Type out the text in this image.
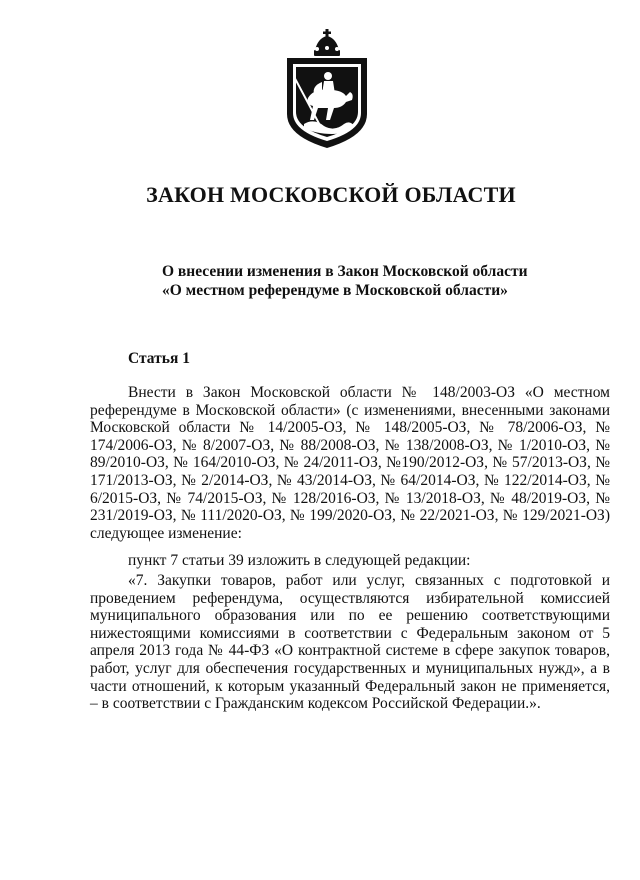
ЗАКОН МОСКОВСКОЙ ОБЛАСТИ
О внесении изменения в Закон Московской области
«О местном референдуме в Московской области»
Статья 1
Внести в Закон Московской области № 148/2003-ОЗ «О местном референдуме в Московской области» (с изменениями, внесенными законами Московской области № 14/2005-ОЗ, № 148/2005-ОЗ, № 78/2006-ОЗ, № 174/2006-ОЗ, № 8/2007-ОЗ, № 88/2008-ОЗ, № 138/2008-ОЗ, № 1/2010-ОЗ, № 89/2010-ОЗ, № 164/2010-ОЗ, № 24/2011-ОЗ, №190/2012-ОЗ, № 57/2013-ОЗ, № 171/2013-ОЗ, № 2/2014-ОЗ, № 43/2014-ОЗ, № 64/2014-ОЗ, № 122/2014-ОЗ, № 6/2015-ОЗ, № 74/2015-ОЗ, № 128/2016-ОЗ, № 13/2018-ОЗ, № 48/2019-ОЗ, № 231/2019-ОЗ, № 111/2020-ОЗ, № 199/2020-ОЗ, № 22/2021-ОЗ, № 129/2021-ОЗ) следующее изменение:
пункт 7 статьи 39 изложить в следующей редакции:
«7. Закупки товаров, работ или услуг, связанных с подготовкой и проведением референдума, осуществляются избирательной комиссией муниципального образования или по ее решению соответствующими нижестоящими комиссиями в соответствии с Федеральным законом от 5 апреля 2013 года № 44-ФЗ «О контрактной системе в сфере закупок товаров, работ, услуг для обеспечения государственных и муниципальных нужд», а в части отношений, к которым указанный Федеральный закон не применяется, – в соответствии с Гражданским кодексом Российской Федерации.».
